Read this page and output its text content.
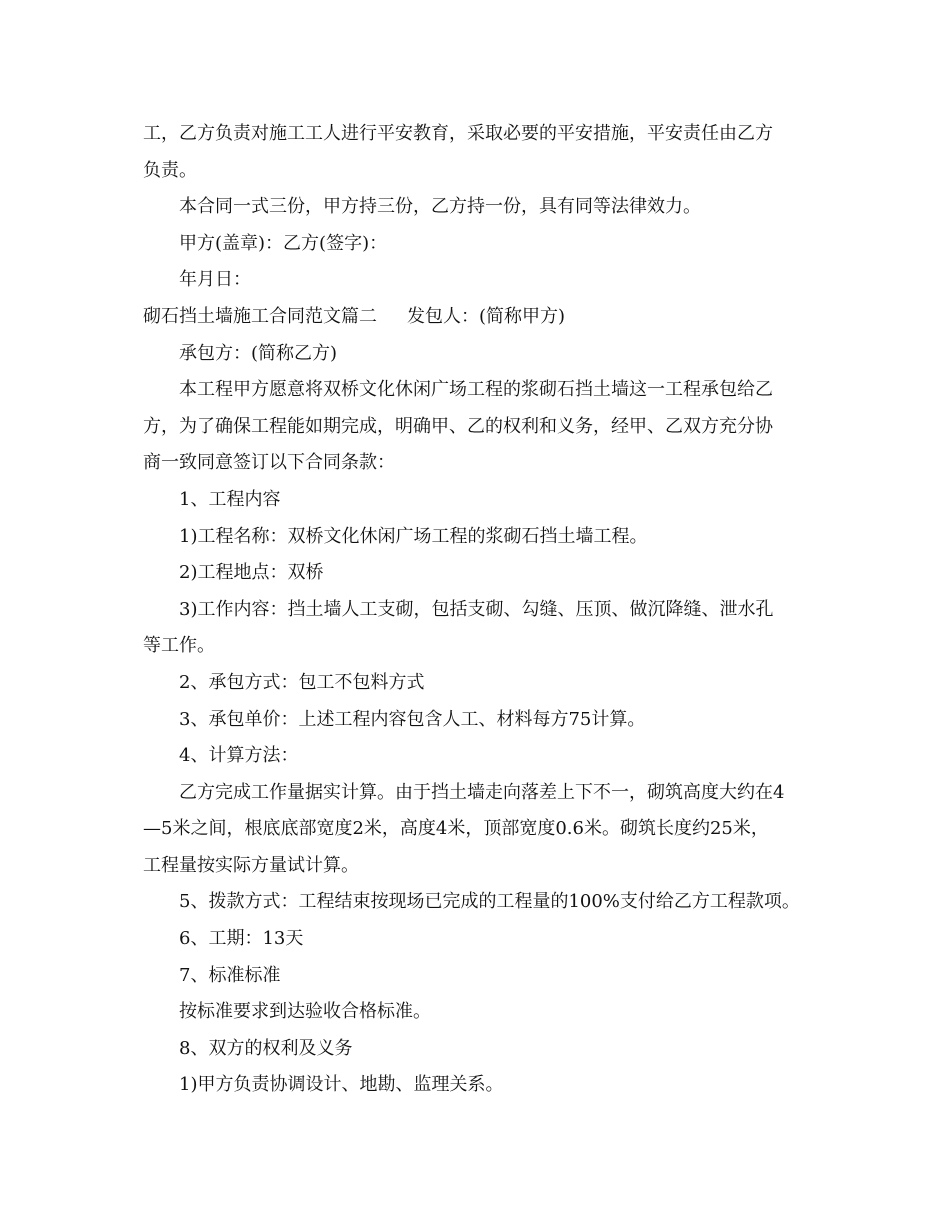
工，乙方负责对施工工人进行平安教育，采取必要的平安措施，平安责任由乙方
负责。
本合同一式三份，甲方持三份，乙方持一份，具有同等法律效力。
甲方(盖章)：乙方(签字)：
年月日：
砌石挡土墙施工合同范文篇二 发包人：(简称甲方)
承包方：(简称乙方)
本工程甲方愿意将双桥文化休闲广场工程的浆砌石挡土墙这一工程承包给乙
方，为了确保工程能如期完成，明确甲、乙的权利和义务，经甲、乙双方充分协
商一致同意签订以下合同条款：
1、工程内容
1)工程名称：双桥文化休闲广场工程的浆砌石挡土墙工程。
2)工程地点：双桥
3)工作内容：挡土墙人工支砌，包括支砌、勾缝、压顶、做沉降缝、泄水孔
等工作。
2、承包方式：包工不包料方式
3、承包单价：上述工程内容包含人工、材料每方75计算。
4、计算方法：
乙方完成工作量据实计算。由于挡土墙走向落差上下不一，砌筑高度大约在4
—5米之间，根底底部宽度2米，高度4米，顶部宽度0.6米。砌筑长度约25米，
工程量按实际方量试计算。
5、拨款方式：工程结束按现场已完成的工程量的100%支付给乙方工程款项。
6、工期：13天
7、标准标准
按标准要求到达验收合格标准。
8、双方的权利及义务
1)甲方负责协调设计、地勘、监理关系。
